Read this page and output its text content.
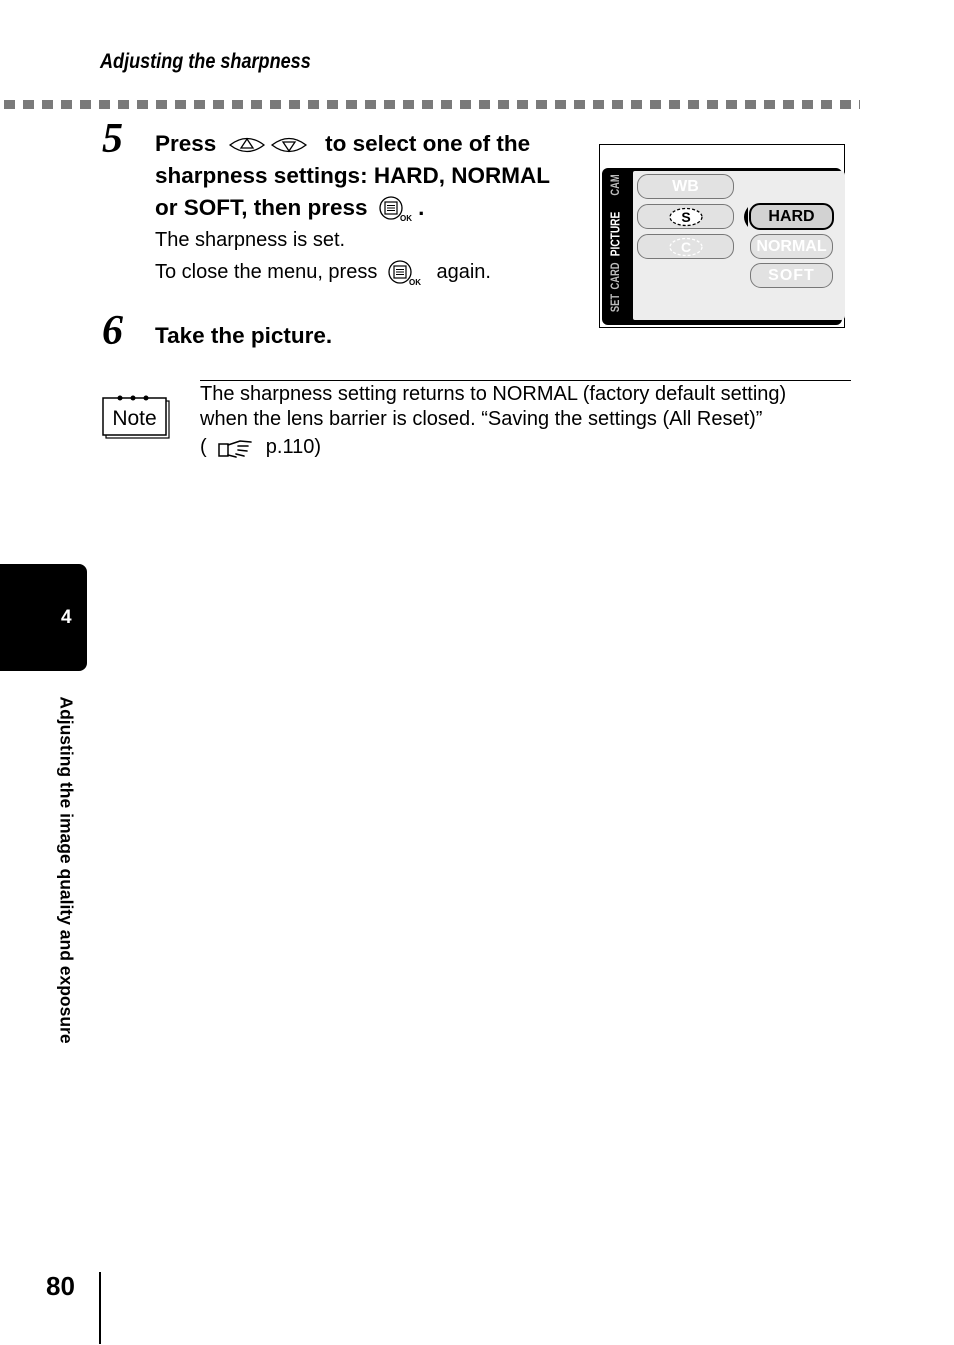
Adjusting the sharpness
5 Press	to select one of the
sharpness settings: HARD, NORMAL
or SOFT, then press	OK .
The sharpness is set.
To close the menu, press	OK again.
6 Take the picture.
CAM
PICTURE
CARD
SET
WB
S
C
HARD
NORMAL
SOFT
Note
The sharpness setting returns to NORMAL (factory default setting)
when the lens barrier is closed. “Saving the settings (All Reset)”
(	p.110)
4
Adjusting the image quality and exposure
80
